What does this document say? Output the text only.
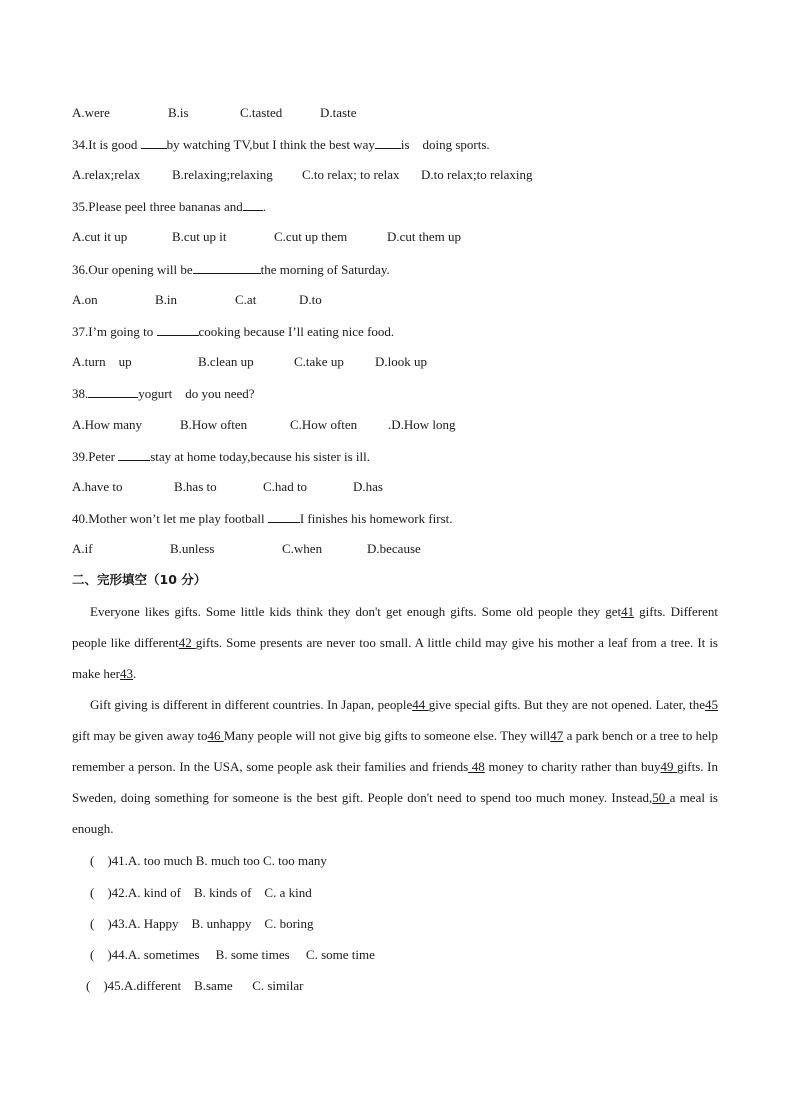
A.were	B.is	C.tasted	D.taste
34.It is good by watching TV,but I think the best way is doing sports.
A.relax;relax B.relaxing;relaxing C.to relax; to relax D.to relax;to relaxing
35.Please peel three bananas and .
A.cut it up	B.cut up it	C.cut up them	D.cut them up
36.Our opening will be	the morning of Saturday.
A.on	B.in	C.at	D.to
37.I’m going to	cooking because I’ll eating nice food.
A.turn    up	B.clean up	C.take up D.look up
38.	yogurt    do you need?
A.How many	B.How often	C.How often .D.How long
39.Peter stay at home today,because his sister is ill.
A.have to	B.has to	C.had to	D.has
40.Mother won’t let me play football I finishes his homework first.
A.if	B.unless	C.when	D.because
二、完形填空（10 分）

Everyone likes gifts. Some little kids think they don't get enough gifts. Some old people they get41 gifts. Different people like different42 gifts. Some presents are never too small. A little child may give his mother a leaf from a tree. It is make her43.

Gift giving is different in different countries. In Japan, people44 give special gifts. But they are not opened. Later, the45 gift may be given away to46 Many people will not give big gifts to someone else. They will47 a park bench or a tree to help remember a person. In the USA, some people ask their families and friends 48 money to charity rather than buy49 gifts. In Sweden, doing something for someone is the best gift. People don't need to spend too much money. Instead,50 a meal is enough.

(    )41.A. too much B. much too C. too many
(    )42.A. kind of    B. kinds of    C. a kind
(    )43.A. Happy    B. unhappy    C. boring
(    )44.A. sometimes     B. some times     C. some time
(    )45.A.different    B.same      C. similar
